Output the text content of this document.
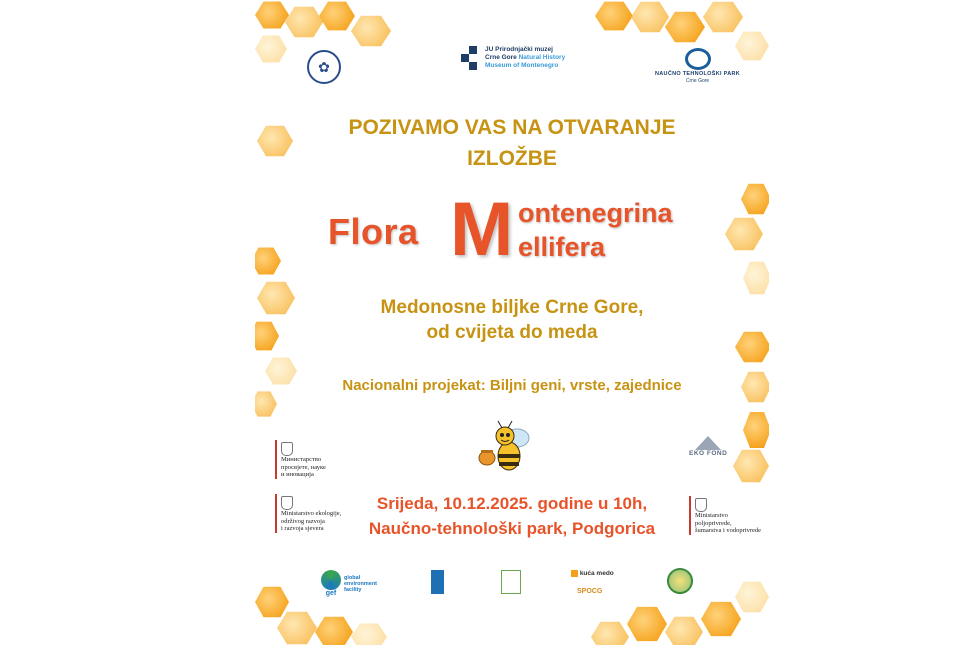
✿
JU Prirodnjački muzej
Crne Gore Natural History
Museum of Montenegro
NAUČNO TEHNOLOŠKI PARK
Crne Gore
POZIVAMO VAS NA OTVARANJE
IZLOŽBE
Flora M ontenegrina
ellifera
Medonosne biljke Crne Gore,
od cvijeta do meda
Nacionalni projekat: Biljni geni, vrste, zajednice
Министарство
просвјете, науке
и иновација
Ministarstvo ekologije,
održivog razvoja
i razvoja sjevera
EKO FOND
Ministarstvo
poljoprivrede,
šumarstva i vodoprivrede
Srijeda, 10.12.2025. godine u 10h,
Naučno-tehnološki park, Podgorica
gef
global
environment
facility
kuća medo
SPOCG
